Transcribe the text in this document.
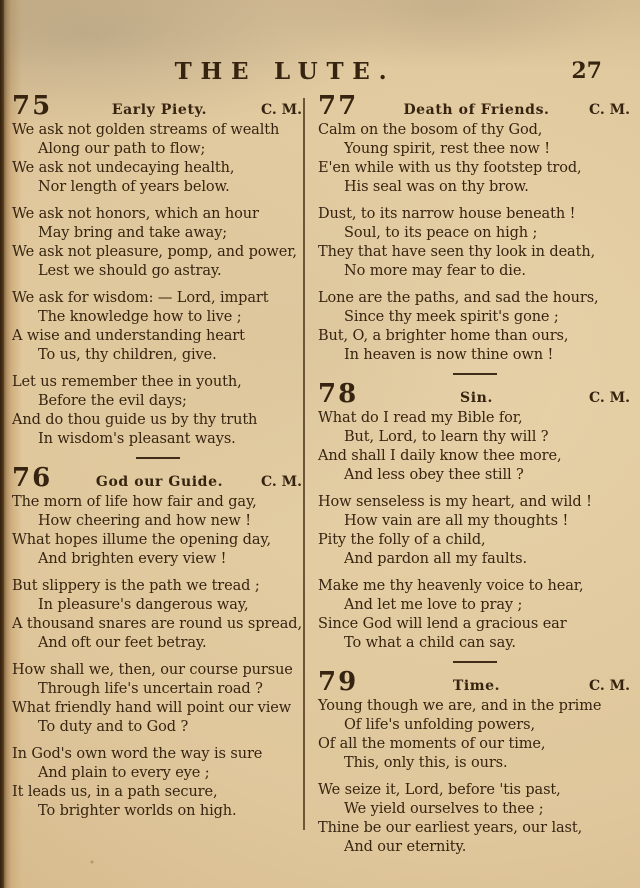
THE LUTE.	27
75	Early Piety.	C. M.

We ask not golden streams of wealth
Along our path to flow;
We ask not undecaying health,
Nor length of years below.

We ask not honors, which an hour
May bring and take away;
We ask not pleasure, pomp, and power,
Lest we should go astray.

We ask for wisdom: — Lord, impart
The knowledge how to live ;
A wise and understanding heart
To us, thy children, give.

Let us remember thee in youth,
Before the evil days;
And do thou guide us by thy truth
In wisdom's pleasant ways.

76	God our Guide.	C. M.

The morn of life how fair and gay,
How cheering and how new !
What hopes illume the opening day,
And brighten every view !

But slippery is the path we tread ;
In pleasure's dangerous way,
A thousand snares are round us spread,
And oft our feet betray.

How shall we, then, our course pursue
Through life's uncertain road ?
What friendly hand will point our view
To duty and to God ?

In God's own word the way is sure
And plain to every eye ;
It leads us, in a path secure,
To brighter worlds on high.

77	Death of Friends.	C. M.

Calm on the bosom of thy God,
Young spirit, rest thee now !
E'en while with us thy footstep trod,
His seal was on thy brow.

Dust, to its narrow house beneath !
Soul, to its peace on high ;
They that have seen thy look in death,
No more may fear to die.

Lone are the paths, and sad the hours,
Since thy meek spirit's gone ;
But, O, a brighter home than ours,
In heaven is now thine own !

78	Sin.	C. M.

What do I read my Bible for,
But, Lord, to learn thy will ?
And shall I daily know thee more,
And less obey thee still ?

How senseless is my heart, and wild !
How vain are all my thoughts !
Pity the folly of a child,
And pardon all my faults.

Make me thy heavenly voice to hear,
And let me love to pray ;
Since God will lend a gracious ear
To what a child can say.

79	Time.	C. M.

Young though we are, and in the prime
Of life's unfolding powers,
Of all the moments of our time,
This, only this, is ours.

We seize it, Lord, before 'tis past,
We yield ourselves to thee ;
Thine be our earliest years, our last,
And our eternity.
